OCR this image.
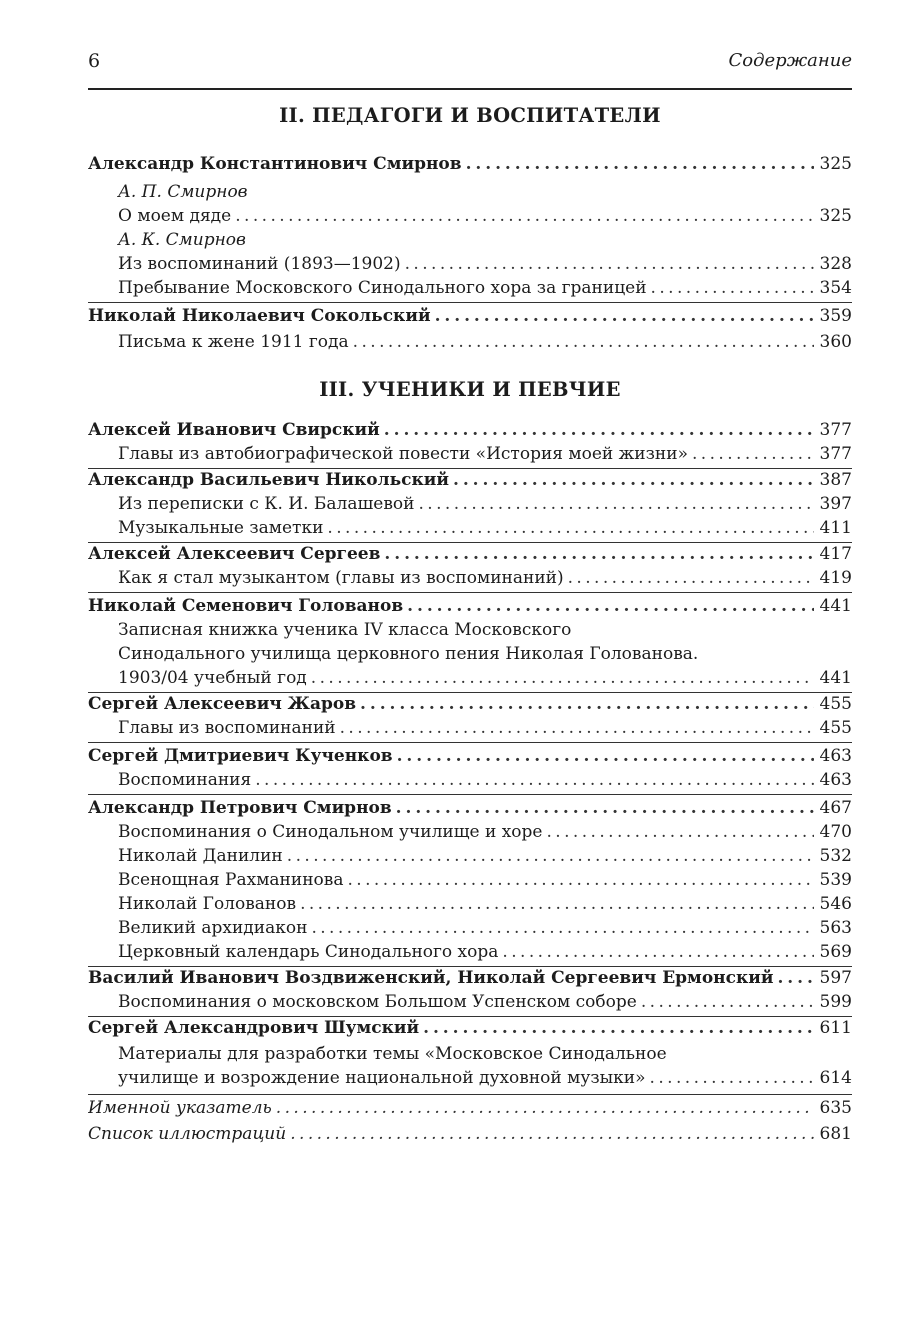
6	Содержание
II. ПЕДАГОГИ И ВОСПИТАТЕЛИ
Александр Константинович Смирнов . . .	325
А. П. Смирнов
О моем дяде . . .	325
А. К. Смирнов
Из воспоминаний (1893—1902) . . .	328
Пребывание Московского Синодального хора за границей . . .	354
Николай Николаевич Сокольский . . .	359
Письма к жене 1911 года . . .	360
III. УЧЕНИКИ И ПЕВЧИЕ
Алексей Иванович Свирский . . .	377
Главы из автобиографической повести «История моей жизни» . . .	377
Александр Васильевич Никольский . . .	387
Из переписки с К. И. Балашевой . . .	397
Музыкальные заметки . . .	411
Алексей Алексеевич Сергеев . . .	417
Как я стал музыкантом (главы из воспоминаний) . . .	419
Николай Семенович Голованов . . .	441
Записная книжка ученика IV класса Московского
Синодального училища церковного пения Николая Голованова.
1903/04 учебный год . . .	441
Сергей Алексеевич Жаров . . .	455
Главы из воспоминаний . . .	455
Сергей Дмитриевич Кученков . . .	463
Воспоминания . . .	463
Александр Петрович Смирнов . . .	467
Воспоминания о Синодальном училище и хоре . . .	470
Николай Данилин . . .	532
Всенощная Рахманинова . . .	539
Николай Голованов . . .	546
Великий архидиакон . . .	563
Церковный календарь Синодального хора . . .	569
Василий Иванович Воздвиженский, Николай Сергеевич Ермонский . . .	597
Воспоминания о московском Большом Успенском соборе . . .	599
Сергей Александрович Шумский . . .	611
Материалы для разработки темы «Московское Синодальное
училище и возрождение национальной духовной музыки» . . .	614
Именной указатель . . .	635
Список иллюстраций . . .	681
